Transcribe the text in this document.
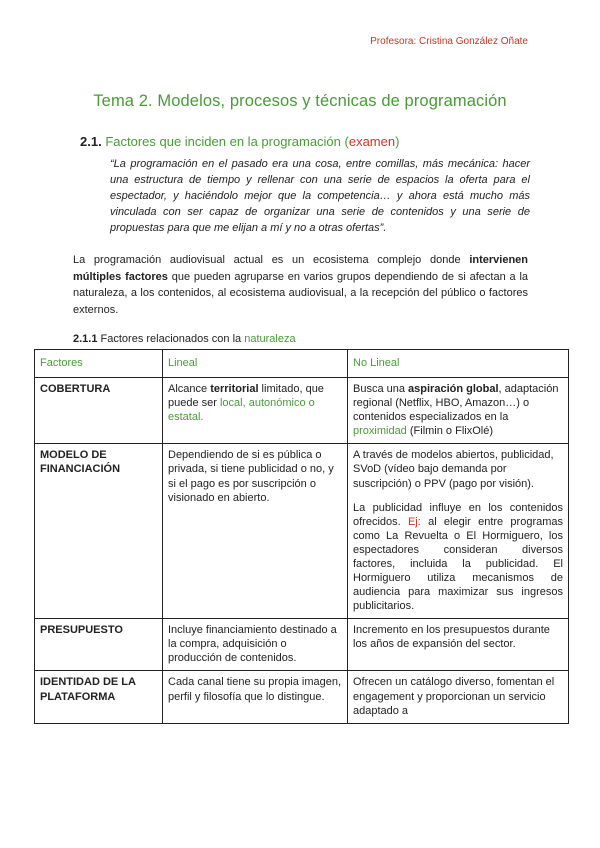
Profesora: Cristina González Oñate
Tema 2. Modelos, procesos y técnicas de programación
2.1. Factores que inciden en la programación (examen)
“La programación en el pasado era una cosa, entre comillas, más mecánica: hacer una estructura de tiempo y rellenar con una serie de espacios la oferta para el espectador, y haciéndolo mejor que la competencia… y ahora está mucho más vinculada con ser capaz de organizar una serie de contenidos y una serie de propuestas para que me elijan a mí y no a otras ofertas”.
La programación audiovisual actual es un ecosistema complejo donde intervienen múltiples factores que pueden agruparse en varios grupos dependiendo de si afectan a la naturaleza, a los contenidos, al ecosistema audiovisual, a la recepción del público o factores externos.
2.1.1 Factores relacionados con la naturaleza
Factores	Lineal	No Lineal
COBERTURA	Alcance territorial limitado, que puede ser local, autonómico o estatal.	Busca una aspiración global, adaptación regional (Netflix, HBO, Amazon…) o contenidos especializados en la proximidad (Filmin o FlixOlé)
MODELO DE FINANCIACIÓN	Dependiendo de si es pública o privada, si tiene publicidad o no, y si el pago es por suscripción o visionado en abierto.	A través de modelos abiertos, publicidad, SVoD (vídeo bajo demanda por suscripción) o PPV (pago por visión).
La publicidad influye en los contenidos ofrecidos. Ej: al elegir entre programas como La Revuelta o El Hormiguero, los espectadores consideran diversos factores, incluida la publicidad. El Hormiguero utiliza mecanismos de audiencia para maximizar sus ingresos publicitarios.

PRESUPUESTO	Incluye financiamiento destinado a la compra, adquisición o producción de contenidos.	Incremento en los presupuestos durante los años de expansión del sector.
IDENTIDAD DE LA PLATAFORMA	Cada canal tiene su propia imagen, perfil y filosofía que lo distingue.	Ofrecen un catálogo diverso, fomentan el engagement y proporcionan un servicio adaptado a
